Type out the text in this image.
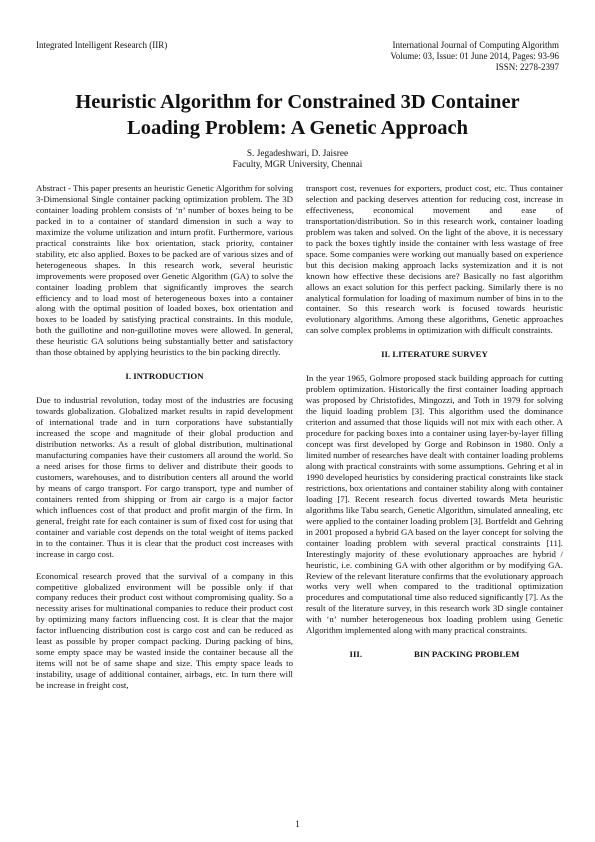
Integrated Intelligent Research (IIR)	International Journal of Computing Algorithm
Volume: 03, Issue: 01 June 2014, Pages: 93-96
ISSN: 2278-2397
Heuristic Algorithm for Constrained 3D Container
Loading Problem: A Genetic Approach
S. Jegadeshwari, D. Jaisree
Faculty, MGR University, Chennai

Abstract - This paper presents an heuristic Genetic Algorithm for solving 3-Dimensional Single container packing optimization problem. The 3D container loading problem consists of ‘n’ number of boxes being to be packed in to a container of standard dimension in such a way to maximize the volume utilization and inturn profit. Furthermore, various practical constraints like box orientation, stack priority, container stability, etc also applied. Boxes to be packed are of various sizes and of heterogeneous shapes. In this research work, several heuristic improvements were proposed over Genetic Algorithm (GA) to solve the container loading problem that significantly improves the search efficiency and to load most of heterogeneous boxes into a container along with the optimal position of loaded boxes, box orientation and boxes to be loaded by satisfying practical constraints. In this module, both the guillotine and non-guillotine moves were allowed. In general, these heuristic GA solutions being substantially better and satisfactory than those obtained by applying heuristics to the bin packing directly.

I. INTRODUCTION

Due to industrial revolution, today most of the industries are focusing towards globalization. Globalized market results in rapid development of international trade and in turn corporations have substantially increased the scope and magnitude of their global production and distribution networks. As a result of global distribution, multinational manufacturing companies have their customers all around the world. So a need arises for those firms to deliver and distribute their goods to customers, warehouses, and to distribution centers all around the world by means of cargo transport. For cargo transport, type and number of containers rented from shipping or from air cargo is a major factor which influences cost of that product and profit margin of the firm. In general, freight rate for each container is sum of fixed cost for using that container and variable cost depends on the total weight of items packed in to the container. Thus it is clear that the product cost increases with increase in cargo cost.

Economical research proved that the survival of a company in this competitive globalized environment will be possible only if that company reduces their product cost without compromising quality. So a necessity arises for multinational companies to reduce their product cost by optimizing many factors influencing cost. It is clear that the major factor influencing distribution cost is cargo cost and can be reduced as least as possible by proper compact packing. During packing of bins, some empty space may be wasted inside the container because all the items will not be of same shape and size. This empty space leads to instability, usage of additional container, airbags, etc. In turn there will be increase in freight cost,

transport cost, revenues for exporters, product cost, etc. Thus container selection and packing deserves attention for reducing cost, increase in effectiveness, economical movement and ease of transportation/distribution. So in this research work, container loading problem was taken and solved. On the light of the above, it is necessary to pack the boxes tightly inside the container with less wastage of free space. Some companies were working out manually based on experience but this decision making approach lacks systemization and it is not known how effective these decisions are? Basically no fast algorithm allows an exact solution for this perfect packing. Similarly there is no analytical formulation for loading of maximum number of bins in to the container. So this research work is focused towards heuristic evolutionary algorithms. Among these algorithms, Genetic approaches can solve complex problems in optimization with difficult constraints.

II. LITERATURE SURVEY

In the year 1965, Golmore proposed stack building approach for cutting problem optimization. Historically the first container loading approach was proposed by Christofides, Mingozzi, and Toth in 1979 for solving the liquid loading problem [3]. This algorithm used the dominance criterion and assumed that those liquids will not mix with each other. A procedure for packing boxes into a container using layer-by-layer filling concept was first developed by Gorge and Robinson in 1980. Only a limited number of researches have dealt with container loading problems along with practical constraints with some assumptions. Gehring et al in 1990 developed heuristics by considering practical constraints like stack restrictions, box orientations and container stability along with container loading [7]. Recent research focus diverted towards Meta heuristic algorithms like Tabu search, Genetic Algorithm, simulated annealing, etc were applied to the container loading problem [3]. Bortfeldt and Gehring in 2001 proposed a hybrid GA based on the layer concept for solving the container loading problem with several practical constraints [11]. Interestingly majority of these evolutionary approaches are hybrid / heuristic, i.e. combining GA with other algorithm or by modifying GA. Review of the relevant literature confirms that the evolutionary approach works very well when compared to the traditional optimization procedures and computational time also reduced significantly [7]. As the result of the literature survey, in this research work 3D single container with ‘n’ number heterogeneous box loading problem using Genetic Algorithm implemented along with many practical constraints.

III.	BIN PACKING PROBLEM
1
